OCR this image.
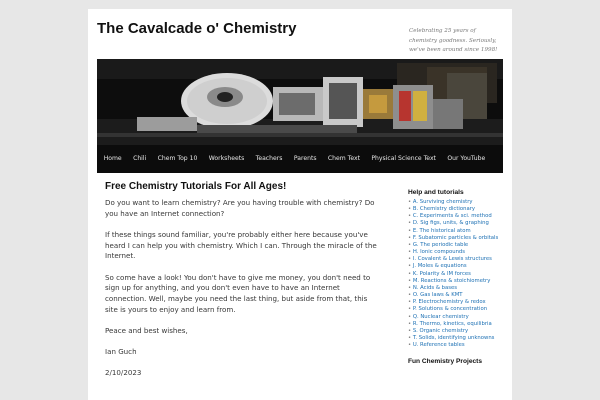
The Cavalcade o' Chemistry	Celebrating 25 years of chemistry goodness. Seriously, we've been around since 1998!
Home	Chili	Chem Top 10	Worksheets	Teachers	Parents	Chem Text	Physical Science Text	Our YouTube
Free Chemistry Tutorials For All Ages!

Do you want to learn chemistry? Are you having trouble with chemistry? Do you have an Internet connection?

If these things sound familiar, you're probably either here because you've heard I can help you with chemistry. Which I can. Through the miracle of the Internet.

So come have a look! You don't have to give me money, you don't need to sign up for anything, and you don't even have to have an Internet connection. Well, maybe you need the last thing, but aside from that, this site is yours to enjoy and learn from.

Peace and best wishes,

Ian Guch

2/10/2023

Help and tutorials
• A. Surviving chemistry
• B. Chemistry dictionary
• C. Experiments & sci. method
• D. Sig figs, units, & graphing
• E. The historical atom
• F. Subatomic particles & orbitals
• G. The periodic table
• H. Ionic compounds
• I. Covalent & Lewis structures
• J. Moles & equations
• K. Polarity & IM forces
• M. Reactions & stoichiometry
• N. Acids & bases
• O. Gas laws & KMT
• P. Electrochemistry & redox
• P. Solutions & concentration
• Q. Nuclear chemistry
• R. Thermo, kinetics, equilibria
• S. Organic chemistry
• T. Solids, identifying unknowns
• U. Reference tables
Fun Chemistry Projects
